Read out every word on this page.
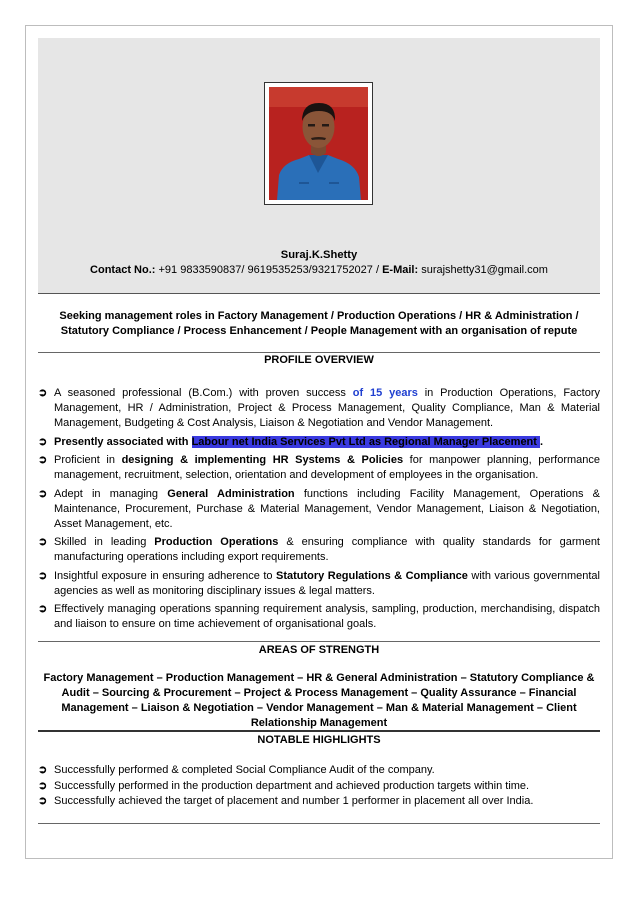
Suraj.K.Shetty
Contact No.: +91 9833590837/ 9619535253/9321752027 / E-Mail: surajshetty31@gmail.com
Seeking management roles in Factory Management / Production Operations / HR & Administration / Statutory Compliance / Process Enhancement / People Management with an organisation of repute
PROFILE OVERVIEW
➲ A seasoned professional (B.Com.) with proven success of 15 years in Production Operations, Factory Management, HR / Administration, Project & Process Management, Quality Compliance, Man & Material Management, Budgeting & Cost Analysis, Liaison & Negotiation and Vendor Management.
➲ Presently associated with Labour net India Services Pvt Ltd as Regional Manager Placement .
➲ Proficient in designing & implementing HR Systems & Policies for manpower planning, performance management, recruitment, selection, orientation and development of employees in the organisation.
➲ Adept in managing General Administration functions including Facility Management, Operations & Maintenance, Procurement, Purchase & Material Management, Vendor Management, Liaison & Negotiation, Asset Management, etc.
➲ Skilled in leading Production Operations & ensuring compliance with quality standards for garment manufacturing operations including export requirements.
➲ Insightful exposure in ensuring adherence to Statutory Regulations & Compliance with various governmental agencies as well as monitoring disciplinary issues & legal matters.
➲ Effectively managing operations spanning requirement analysis, sampling, production, merchandising, dispatch and liaison to ensure on time achievement of organisational goals.
AREAS OF STRENGTH
Factory Management – Production Management – HR & General Administration – Statutory Compliance & Audit – Sourcing & Procurement – Project & Process Management – Quality Assurance – Financial Management – Liaison & Negotiation – Vendor Management – Man & Material Management – Client Relationship Management
NOTABLE HIGHLIGHTS
➲ Successfully performed & completed Social Compliance Audit of the company.
➲ Successfully performed in the production department and achieved production targets within time.
➲ Successfully achieved the target of placement and number 1 performer in placement all over India.
